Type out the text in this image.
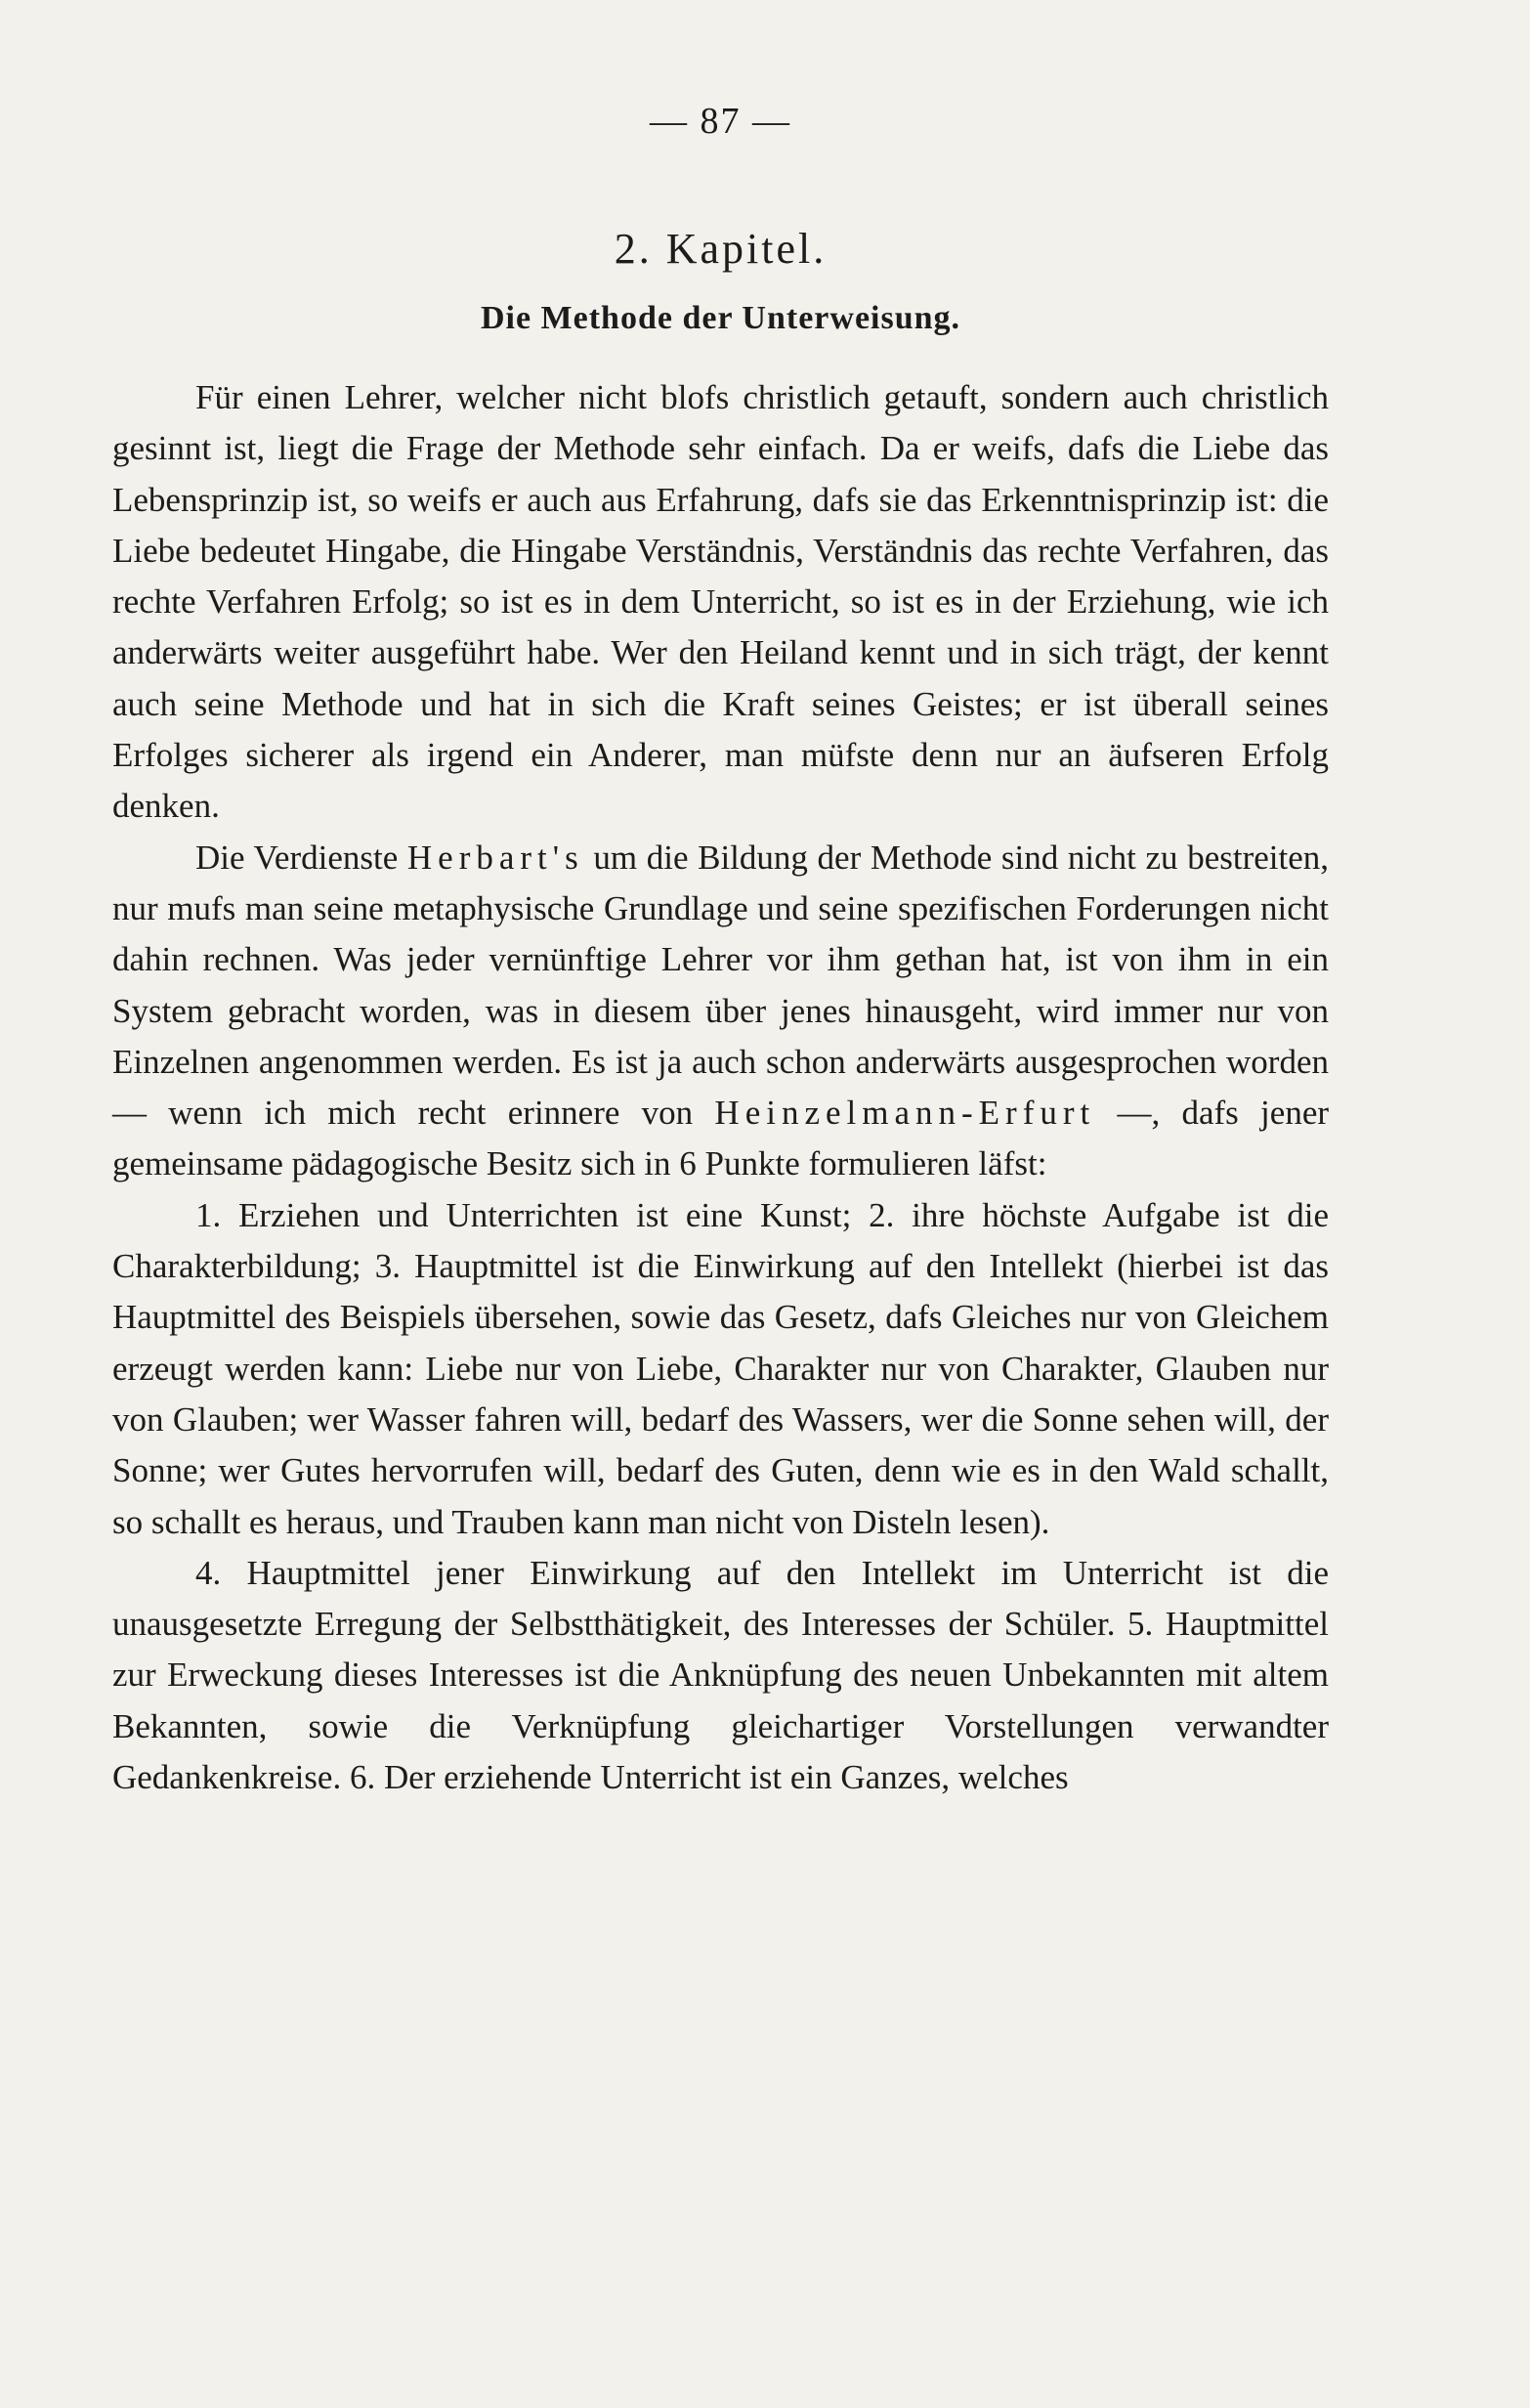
— 87 —
2. Kapitel.
Die Methode der Unterweisung.

Für einen Lehrer, welcher nicht blofs christlich getauft, sondern auch christlich gesinnt ist, liegt die Frage der Methode sehr einfach. Da er weifs, dafs die Liebe das Lebensprinzip ist, so weifs er auch aus Erfahrung, dafs sie das Erkenntnisprinzip ist: die Liebe bedeutet Hingabe, die Hingabe Verständnis, Verständnis das rechte Verfahren, das rechte Verfahren Erfolg; so ist es in dem Unterricht, so ist es in der Erziehung, wie ich anderwärts weiter ausgeführt habe. Wer den Heiland kennt und in sich trägt, der kennt auch seine Methode und hat in sich die Kraft seines Geistes; er ist überall seines Erfolges sicherer als irgend ein Anderer, man müfste denn nur an äufseren Erfolg denken.

Die Verdienste Herbart's um die Bildung der Methode sind nicht zu bestreiten, nur mufs man seine metaphysische Grundlage und seine spezifischen Forderungen nicht dahin rechnen. Was jeder vernünftige Lehrer vor ihm gethan hat, ist von ihm in ein System gebracht worden, was in diesem über jenes hinausgeht, wird immer nur von Einzelnen angenommen werden. Es ist ja auch schon anderwärts ausgesprochen worden — wenn ich mich recht erinnere von Heinzelmann-Erfurt —, dafs jener gemeinsame pädagogische Besitz sich in 6 Punkte formulieren läfst:

1. Erziehen und Unterrichten ist eine Kunst; 2. ihre höchste Aufgabe ist die Charakterbildung; 3. Hauptmittel ist die Einwirkung auf den Intellekt (hierbei ist das Hauptmittel des Beispiels übersehen, sowie das Gesetz, dafs Gleiches nur von Gleichem erzeugt werden kann: Liebe nur von Liebe, Charakter nur von Charakter, Glauben nur von Glauben; wer Wasser fahren will, bedarf des Wassers, wer die Sonne sehen will, der Sonne; wer Gutes hervorrufen will, bedarf des Guten, denn wie es in den Wald schallt, so schallt es heraus, und Trauben kann man nicht von Disteln lesen).

4. Hauptmittel jener Einwirkung auf den Intellekt im Unterricht ist die unausgesetzte Erregung der Selbstthätigkeit, des Interesses der Schüler. 5. Hauptmittel zur Erweckung dieses Interesses ist die Anknüpfung des neuen Unbekannten mit altem Bekannten, sowie die Verknüpfung gleichartiger Vorstellungen verwandter Gedankenkreise. 6. Der erziehende Unterricht ist ein Ganzes, welches
